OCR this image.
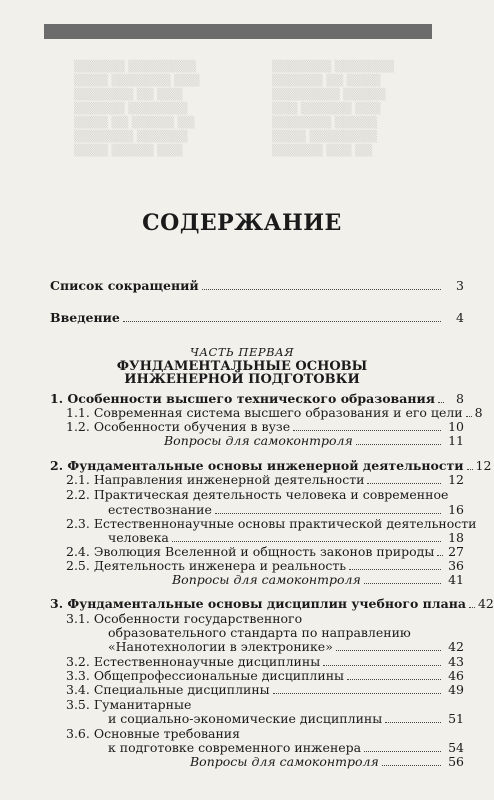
▒▒▒▒▒▒ ▒▒▒▒▒▒▒▒
▒▒▒▒ ▒▒▒▒▒▒▒ ▒▒▒
▒▒▒▒▒▒▒ ▒▒ ▒▒▒
▒▒▒▒▒▒ ▒▒▒▒▒▒▒
▒▒▒▒ ▒▒ ▒▒▒▒▒ ▒▒
▒▒▒▒▒▒▒ ▒▒▒▒▒▒
▒▒▒▒ ▒▒▒▒▒ ▒▒▒
▒▒▒▒▒▒▒ ▒▒▒▒▒▒▒
▒▒▒▒▒▒ ▒▒ ▒▒▒▒
▒▒▒▒▒▒▒▒ ▒▒▒▒▒
▒▒▒ ▒▒▒▒▒▒ ▒▒▒
▒▒▒▒▒▒▒ ▒▒▒▒▒
▒▒▒▒ ▒▒▒▒▒▒▒▒
▒▒▒▒▒▒ ▒▒▒ ▒▒
СОДЕРЖАНИЕ
Список сокращений	3
Введение	4
ЧАСТЬ ПЕРВАЯ
ФУНДАМЕНТАЛЬНЫЕ ОСНОВЫ
ИНЖЕНЕРНОЙ ПОДГОТОВКИ
1. Особенности высшего технического образования	8
1.1. Современная система высшего образования и его цели 8
1.2. Особенности обучения в вузе	10
Вопросы для самоконтроля	11
2. Фундаментальные основы инженерной деятельности 12
2.1. Направления инженерной деятельности	12
2.2. Практическая деятельность человека и современное
естествознание	16
2.3. Естественнонаучные основы практической деятельности
человека	18
2.4. Эволюция Вселенной и общность законов природы 27
2.5. Деятельность инженера и реальность	36
Вопросы для самоконтроля	41
3. Фундаментальные основы дисциплин учебного плана 42
3.1. Особенности государственного
образовательного стандарта по направлению
«Нанотехнологии в электронике»	42
3.2. Естественнонаучные дисциплины	43
3.3. Общепрофессиональные дисциплины	46
3.4. Специальные дисциплины	49
3.5. Гуманитарные
и социально-экономические дисциплины	51
3.6. Основные требования
к подготовке современного инженера	54
Вопросы для самоконтроля	56
